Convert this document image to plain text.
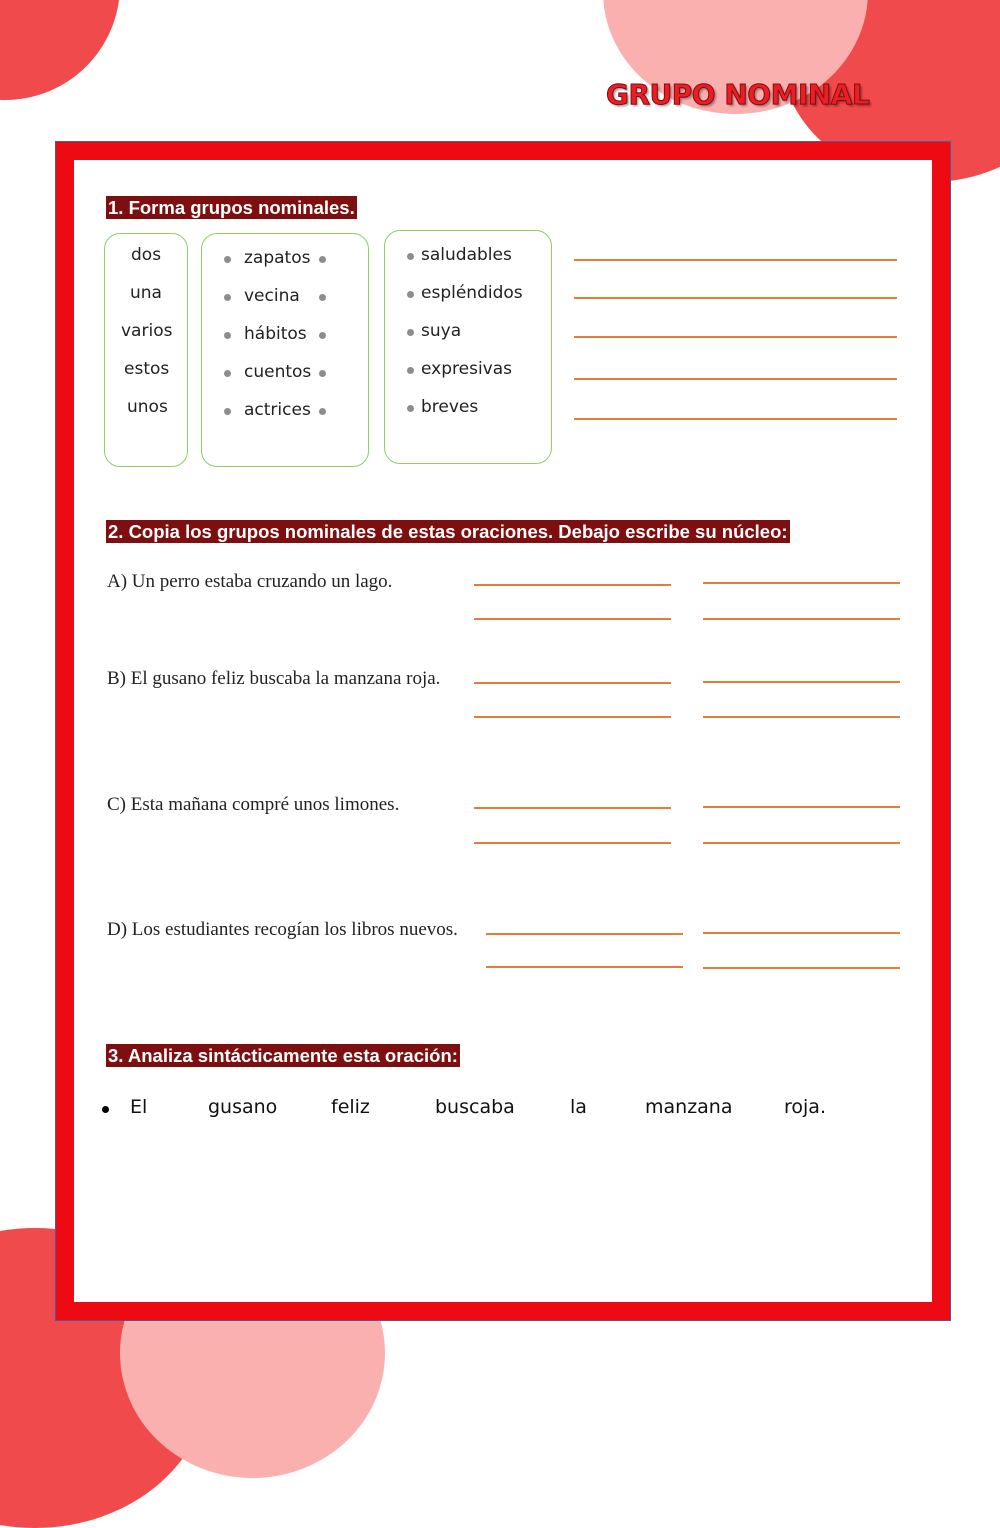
GRUPO NOMINAL
1. Forma grupos nominales.
dos
una
varios
estos
unos
zapatos
vecina
hábitos
cuentos
actrices
saludables
espléndidos
suya
expresivas
breves
2. Copia los grupos nominales de estas oraciones. Debajo escribe su núcleo:
A) Un perro estaba cruzando un lago.
B) El gusano feliz buscaba la manzana roja.
C) Esta mañana compré unos limones.
D) Los estudiantes recogían los libros nuevos.
3. Analiza sintácticamente esta oración:
El	gusano	feliz	buscaba	la	manzana	roja.
